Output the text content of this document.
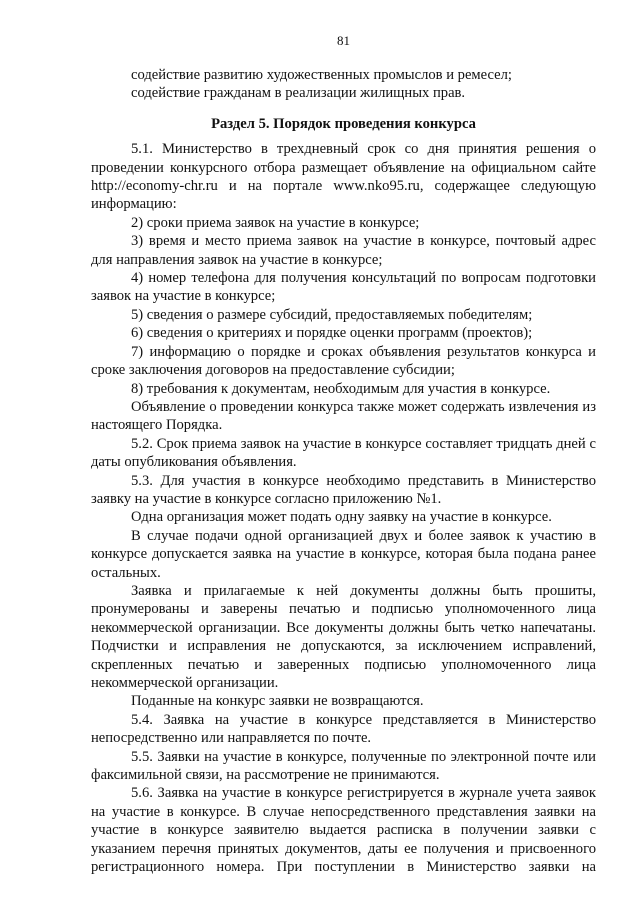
81

содействие развитию художественных промыслов и ремесел;

содействие гражданам в реализации жилищных прав.

Раздел 5. Порядок проведения конкурса

5.1. Министерство в трехдневный срок со дня принятия решения о проведении конкурсного отбора размещает объявление на официальном сайте http://economy-chr.ru и на портале www.nko95.ru, содержащее следующую информацию:

2) сроки приема заявок на участие в конкурсе;

3) время и место приема заявок на участие в конкурсе, почтовый адрес для направления заявок на участие в конкурсе;

4) номер телефона для получения консультаций по вопросам подготовки заявок на участие в конкурсе;

5) сведения о размере субсидий, предоставляемых победителям;

6) сведения о критериях и порядке оценки программ (проектов);

7) информацию о порядке и сроках объявления результатов конкурса и сроке заключения договоров на предоставление субсидии;

8) требования к документам, необходимым для участия в конкурсе.

Объявление о проведении конкурса также может содержать извлечения из настоящего Порядка.

5.2. Срок приема заявок на участие в конкурсе составляет тридцать дней с даты опубликования объявления.

5.3. Для участия в конкурсе необходимо представить в Министерство заявку на участие в конкурсе согласно приложению №1.

Одна организация может подать одну заявку на участие в конкурсе.

В случае подачи одной организацией двух и более заявок к участию в конкурсе допускается заявка на участие в конкурсе, которая была подана ранее остальных.

Заявка и прилагаемые к ней документы должны быть прошиты, пронумерованы и заверены печатью и подписью уполномоченного лица некоммерческой организации. Все документы должны быть четко напечатаны. Подчистки и исправления не допускаются, за исключением исправлений, скрепленных печатью и заверенных подписью уполномоченного лица некоммерческой организации.

Поданные на конкурс заявки не возвращаются.

5.4. Заявка на участие в конкурсе представляется в Министерство непосредственно или направляется по почте.

5.5. Заявки на участие в конкурсе, полученные по электронной почте или факсимильной связи, на рассмотрение не принимаются.

5.6. Заявка на участие в конкурсе регистрируется в журнале учета заявок на участие в конкурсе. В случае непосредственного представления заявки на участие в конкурсе заявителю выдается расписка в получении заявки с указанием перечня принятых документов, даты ее получения и присвоенного регистрационного номера. При поступлении в Министерство заявки на
